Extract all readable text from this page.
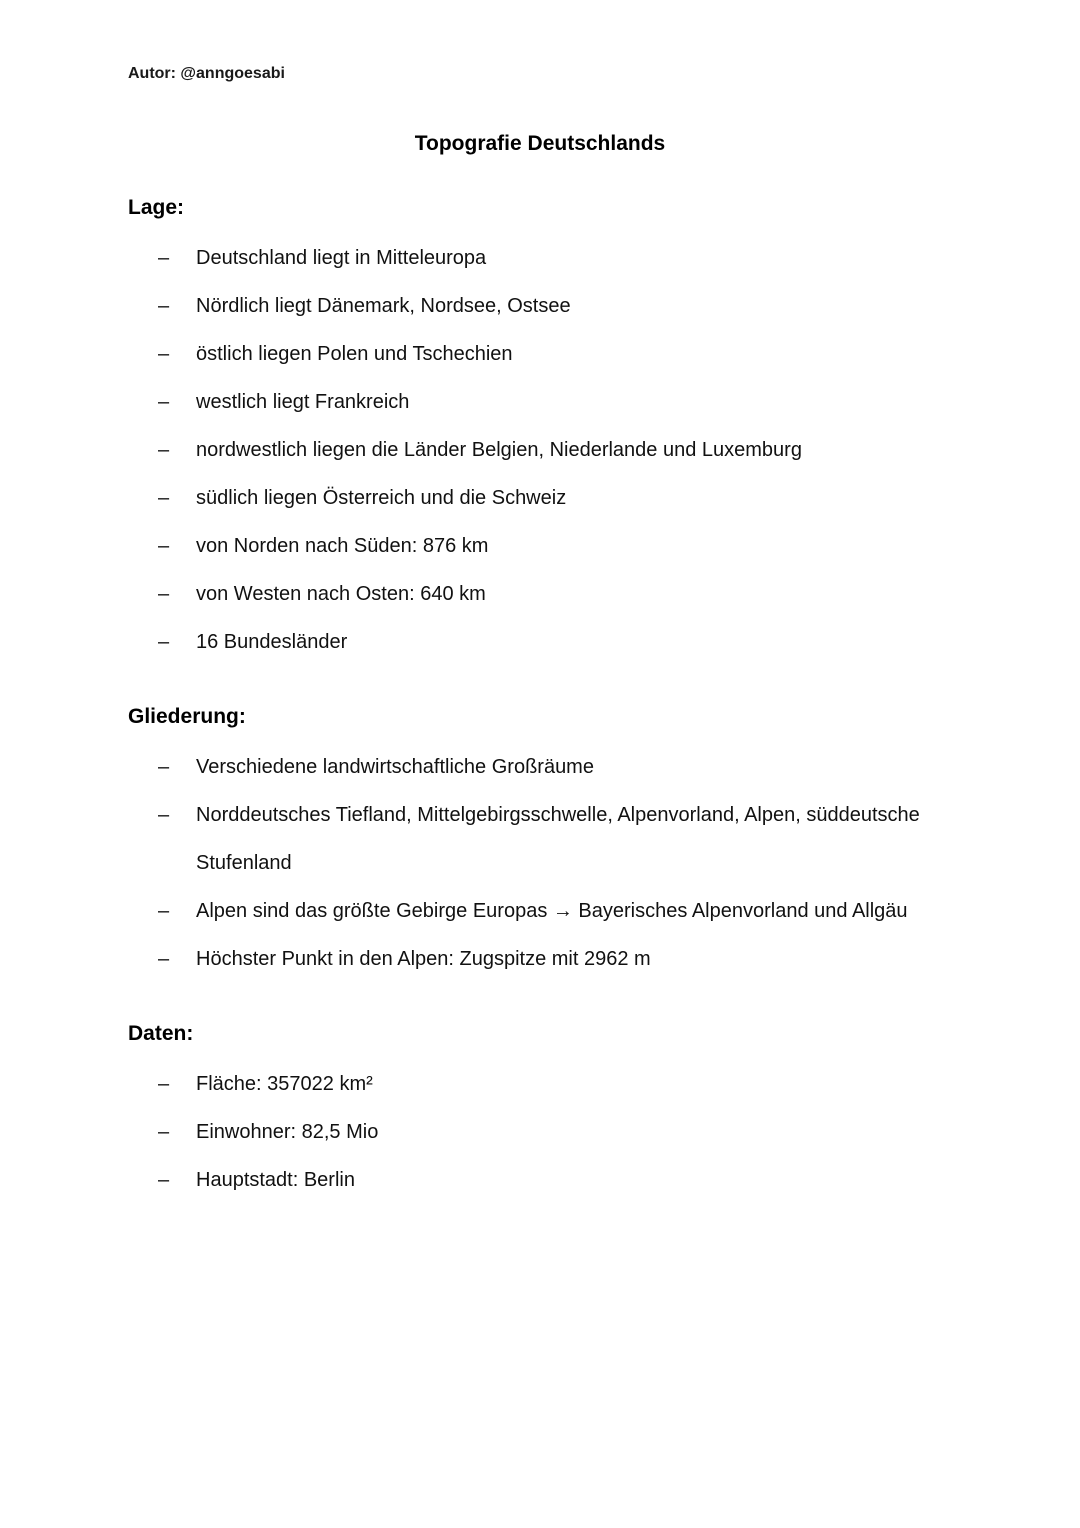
Autor: @anngoesabi
Topografie Deutschlands
Lage:
– Deutschland liegt in Mitteleuropa
– Nördlich liegt Dänemark, Nordsee, Ostsee
– östlich liegen Polen und Tschechien
– westlich liegt Frankreich
– nordwestlich liegen die Länder Belgien, Niederlande und Luxemburg
– südlich liegen Österreich und die Schweiz
– von Norden nach Süden: 876 km
– von Westen nach Osten: 640 km
– 16 Bundesländer
Gliederung:
– Verschiedene landwirtschaftliche Großräume
– Norddeutsches Tiefland, Mittelgebirgsschwelle, Alpenvorland, Alpen, süddeutsche Stufenland
– Alpen sind das größte Gebirge Europas → Bayerisches Alpenvorland und Allgäu
– Höchster Punkt in den Alpen: Zugspitze mit 2962 m
Daten:
– Fläche: 357022 km²
– Einwohner: 82,5 Mio
– Hauptstadt: Berlin
